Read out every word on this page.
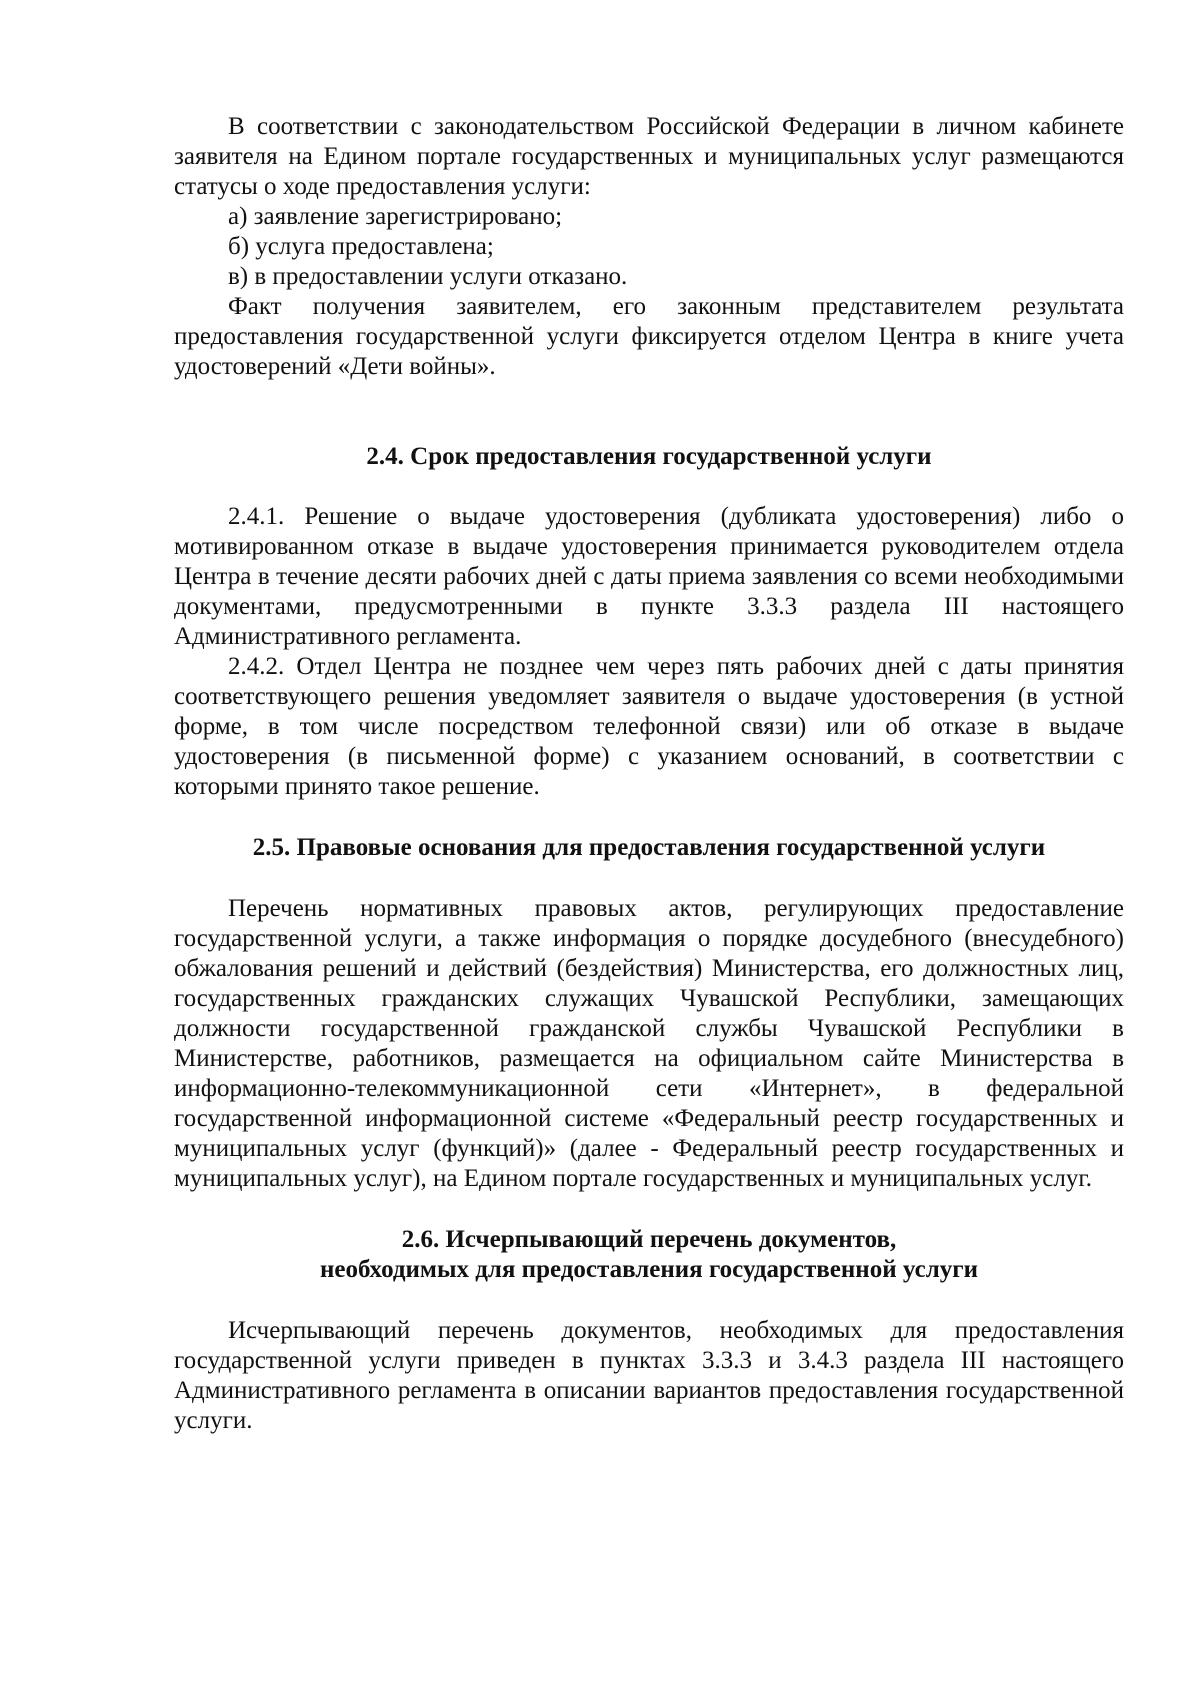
В соответствии с законодательством Российской Федерации в личном кабинете заявителя на Едином портале государственных и муниципальных услуг размещаются статусы о ходе предоставления услуги:

а) заявление зарегистрировано;

б) услуга предоставлена;

в) в предоставлении услуги отказано.

Факт получения заявителем, его законным представителем результата предоставления государственной услуги фиксируется отделом Центра в книге учета удостоверений «Дети войны».

2.4. Срок предоставления государственной услуги

2.4.1. Решение о выдаче удостоверения (дубликата удостоверения) либо о мотивированном отказе в выдаче удостоверения принимается руководителем отдела Центра в течение десяти рабочих дней с даты приема заявления со всеми необходимыми документами, предусмотренными в пункте 3.3.3 раздела III настоящего Административного регламента.

2.4.2. Отдел Центра не позднее чем через пять рабочих дней с даты принятия соответствующего решения уведомляет заявителя о выдаче удостоверения (в устной форме, в том числе посредством телефонной связи) или об отказе в выдаче удостоверения (в письменной форме) с указанием оснований, в соответствии с которыми принято такое решение.

2.5. Правовые основания для предоставления государственной услуги

Перечень нормативных правовых актов, регулирующих предоставление государственной услуги, а также информация о порядке досудебного (внесудебного) обжалования решений и действий (бездействия) Министерства, его должностных лиц, государственных гражданских служащих Чувашской Республики, замещающих должности государственной гражданской службы Чувашской Республики в Министерстве, работников, размещается на официальном сайте Министерства в информационно-телекоммуникационной сети «Интернет», в федеральной государственной информационной системе «Федеральный реестр государственных и муниципальных услуг (функций)» (далее - Федеральный реестр государственных и муниципальных услуг), на Едином портале государственных и муниципальных услуг.

2.6. Исчерпывающий перечень документов,
необходимых для предоставления государственной услуги

Исчерпывающий перечень документов, необходимых для предоставления государственной услуги приведен в пунктах 3.3.3 и 3.4.3 раздела III настоящего Административного регламента в описании вариантов предоставления государственной услуги.
